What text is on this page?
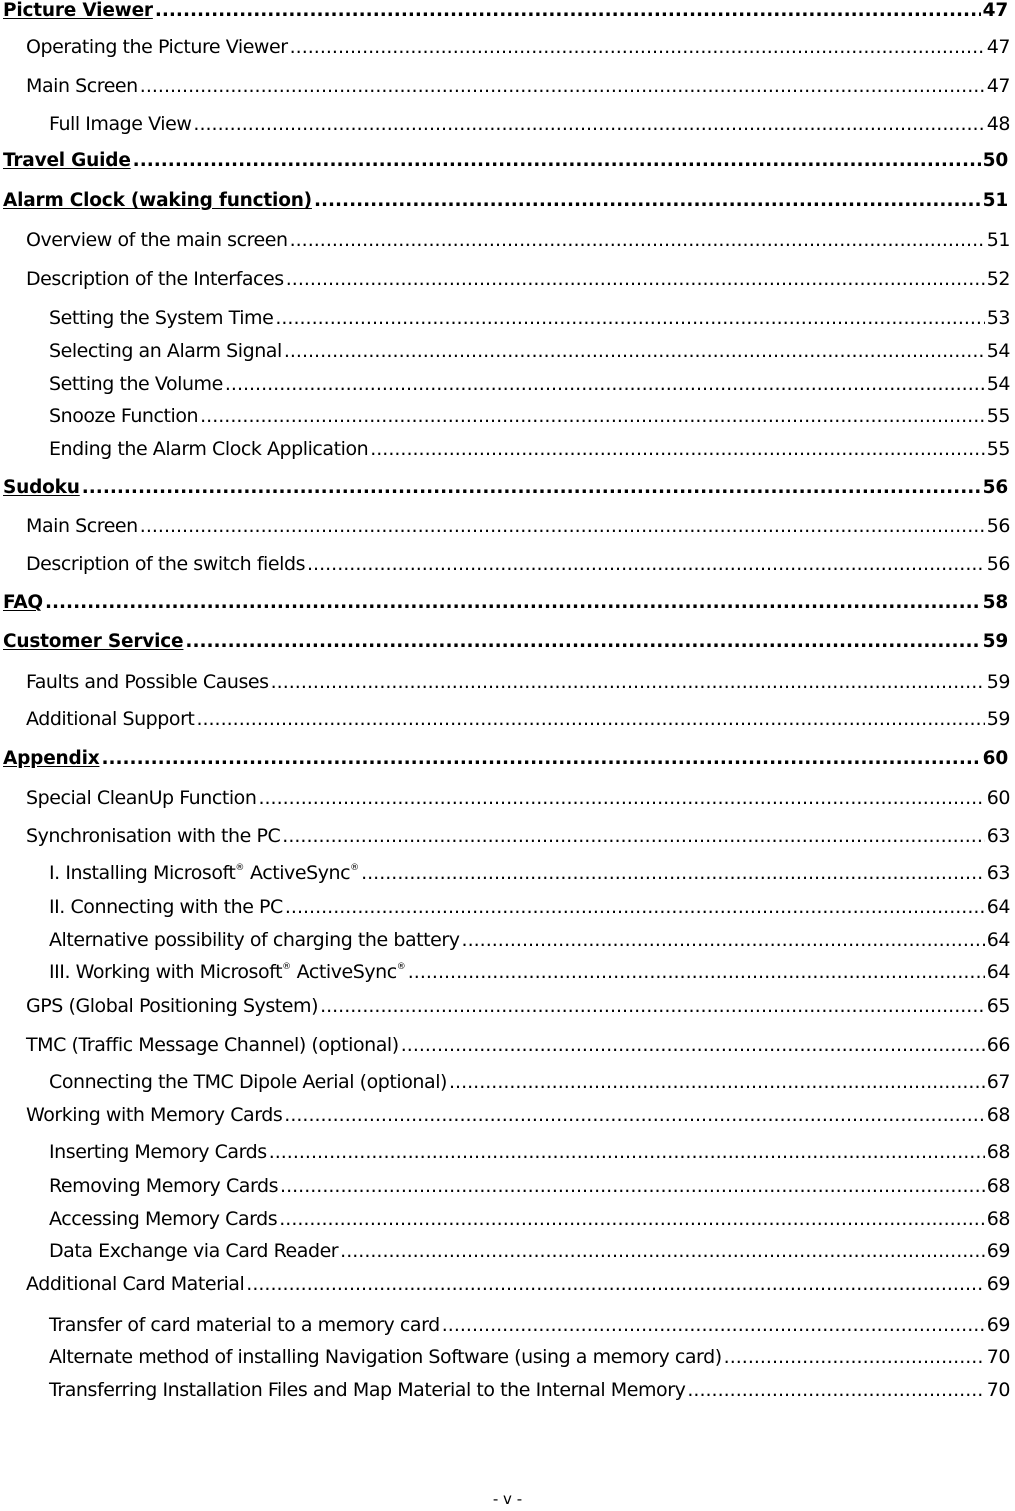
Picture Viewer .....	47
Operating the Picture Viewer .....	47
Main Screen .....	47
Full Image View .....	48
Travel Guide .....	50
Alarm Clock (waking function) .....	51
Overview of the main screen .....	51
Description of the Interfaces .....	52
Setting the System Time .....	53
Selecting an Alarm Signal .....	54
Setting the Volume .....	54
Snooze Function .....	55
Ending the Alarm Clock Application .....	55
Sudoku .....	56
Main Screen .....	56
Description of the switch fields .....	56
FAQ .....	58
Customer Service .....	59
Faults and Possible Causes .....	59
Additional Support .....	59
Appendix .....	60
Special CleanUp Function .....	60
Synchronisation with the PC .....	63
I. Installing Microsoft® ActiveSync® .....	63
II. Connecting with the PC .....	64
Alternative possibility of charging the battery .....	64
III. Working with Microsoft® ActiveSync® .....	64
GPS (Global Positioning System) .....	65
TMC (Traffic Message Channel) (optional) .....	66
Connecting the TMC Dipole Aerial (optional) .....	67
Working with Memory Cards .....	68
Inserting Memory Cards .....	68
Removing Memory Cards .....	68
Accessing Memory Cards .....	68
Data Exchange via Card Reader .....	69
Additional Card Material .....	69
Transfer of card material to a memory card .....	69
Alternate method of installing Navigation Software (using a memory card) .....	70
Transferring Installation Files and Map Material to the Internal Memory .....	70
- v -
